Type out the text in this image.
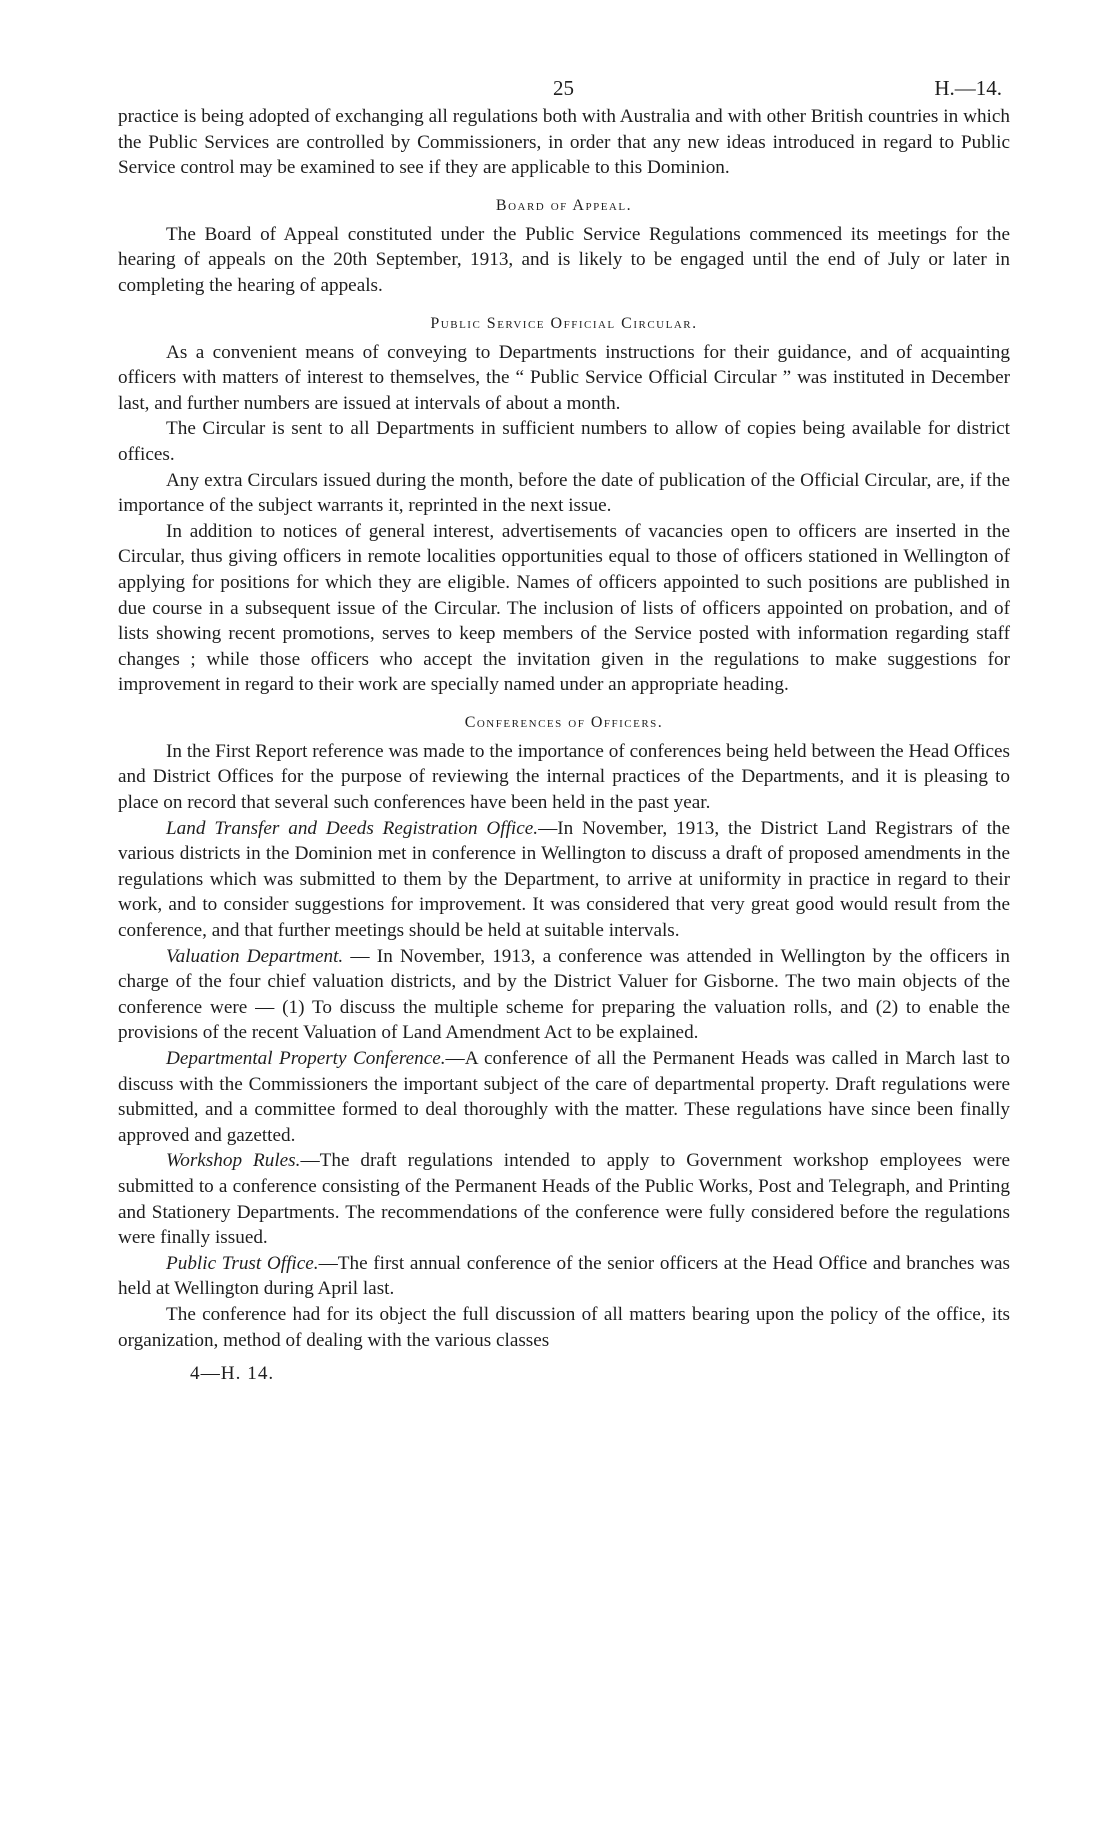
25	H.—14.

practice is being adopted of exchanging all regulations both with Australia and with other British countries in which the Public Services are controlled by Commissioners, in order that any new ideas introduced in regard to Public Service control may be examined to see if they are applicable to this Dominion.

Board of Appeal.

The Board of Appeal constituted under the Public Service Regulations commenced its meetings for the hearing of appeals on the 20th September, 1913, and is likely to be engaged until the end of July or later in completing the hearing of appeals.

Public Service Official Circular.

As a convenient means of conveying to Departments instructions for their guidance, and of acquainting officers with matters of interest to themselves, the “ Public Service Official Circular ” was instituted in December last, and further numbers are issued at intervals of about a month.

The Circular is sent to all Departments in sufficient numbers to allow of copies being available for district offices.

Any extra Circulars issued during the month, before the date of publication of the Official Circular, are, if the importance of the subject warrants it, reprinted in the next issue.

In addition to notices of general interest, advertisements of vacancies open to officers are inserted in the Circular, thus giving officers in remote localities opportunities equal to those of officers stationed in Wellington of applying for positions for which they are eligible. Names of officers appointed to such positions are published in due course in a subsequent issue of the Circular. The inclusion of lists of officers appointed on probation, and of lists showing recent promotions, serves to keep members of the Service posted with information regarding staff changes ; while those officers who accept the invitation given in the regulations to make suggestions for improvement in regard to their work are specially named under an appropriate heading.

Conferences of Officers.

In the First Report reference was made to the importance of conferences being held between the Head Offices and District Offices for the purpose of reviewing the internal practices of the Departments, and it is pleasing to place on record that several such conferences have been held in the past year.

Land Transfer and Deeds Registration Office.—In November, 1913, the District Land Registrars of the various districts in the Dominion met in conference in Wellington to discuss a draft of proposed amendments in the regulations which was submitted to them by the Department, to arrive at uniformity in practice in regard to their work, and to consider suggestions for improvement. It was considered that very great good would result from the conference, and that further meetings should be held at suitable intervals.

Valuation Department. — In November, 1913, a conference was attended in Wellington by the officers in charge of the four chief valuation districts, and by the District Valuer for Gisborne. The two main objects of the conference were — (1) To discuss the multiple scheme for preparing the valuation rolls, and (2) to enable the provisions of the recent Valuation of Land Amendment Act to be explained.

Departmental Property Conference.—A conference of all the Permanent Heads was called in March last to discuss with the Commissioners the important subject of the care of departmental property. Draft regulations were submitted, and a committee formed to deal thoroughly with the matter. These regulations have since been finally approved and gazetted.

Workshop Rules.—The draft regulations intended to apply to Government workshop employees were submitted to a conference consisting of the Permanent Heads of the Public Works, Post and Telegraph, and Printing and Stationery Departments. The recommendations of the conference were fully considered before the regulations were finally issued.

Public Trust Office.—The first annual conference of the senior officers at the Head Office and branches was held at Wellington during April last.

The conference had for its object the full discussion of all matters bearing upon the policy of the office, its organization, method of dealing with the various classes

4—H. 14.
